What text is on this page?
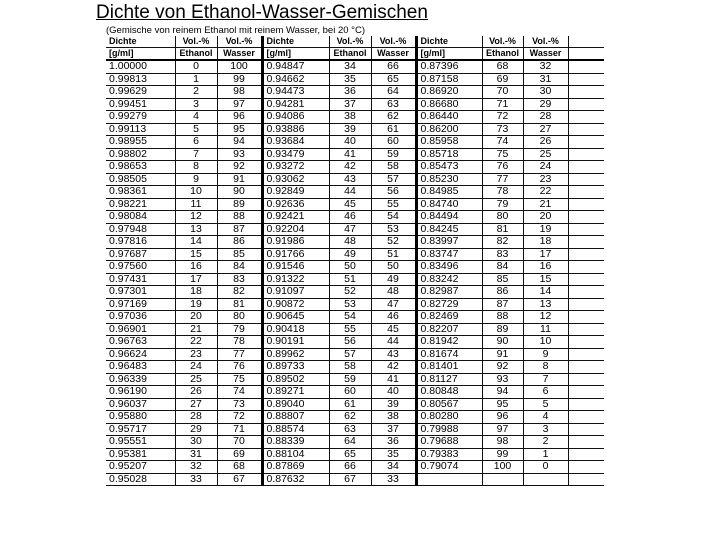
Dichte von Ethanol-Wasser-Gemischen
(Gemische von reinem Ethanol mit reinem Wasser, bei 20 °C)
Dichte	Vol.-%	Vol.-%	Dichte	Vol.-%	Vol.-%	Dichte	Vol.-%	Vol.-%	
[g/ml]	Ethanol	Wasser	[g/ml]	Ethanol	Wasser	[g/ml]	Ethanol	Wasser	
1.00000	0	100	0.94847	34	66	0.87396	68	32	
0.99813	1	99	0.94662	35	65	0.87158	69	31	
0.99629	2	98	0.94473	36	64	0.86920	70	30	
0.99451	3	97	0.94281	37	63	0.86680	71	29	
0.99279	4	96	0.94086	38	62	0.86440	72	28	
0.99113	5	95	0.93886	39	61	0.86200	73	27	
0.98955	6	94	0.93684	40	60	0.85958	74	26	
0.98802	7	93	0.93479	41	59	0.85718	75	25	
0.98653	8	92	0.93272	42	58	0.85473	76	24	
0.98505	9	91	0.93062	43	57	0.85230	77	23	
0.98361	10	90	0.92849	44	56	0.84985	78	22	
0.98221	11	89	0.92636	45	55	0.84740	79	21	
0.98084	12	88	0.92421	46	54	0.84494	80	20	
0.97948	13	87	0.92204	47	53	0.84245	81	19	
0.97816	14	86	0.91986	48	52	0.83997	82	18	
0.97687	15	85	0.91766	49	51	0.83747	83	17	
0.97560	16	84	0.91546	50	50	0.83496	84	16	
0.97431	17	83	0.91322	51	49	0.83242	85	15	
0.97301	18	82	0.91097	52	48	0.82987	86	14	
0.97169	19	81	0.90872	53	47	0.82729	87	13	
0.97036	20	80	0.90645	54	46	0.82469	88	12	
0.96901	21	79	0.90418	55	45	0.82207	89	11	
0.96763	22	78	0.90191	56	44	0.81942	90	10	
0.96624	23	77	0.89962	57	43	0.81674	91	9	
0.96483	24	76	0.89733	58	42	0.81401	92	8	
0.96339	25	75	0.89502	59	41	0.81127	93	7	
0.96190	26	74	0.89271	60	40	0.80848	94	6	
0.96037	27	73	0.89040	61	39	0.80567	95	5	
0.95880	28	72	0.88807	62	38	0.80280	96	4	
0.95717	29	71	0.88574	63	37	0.79988	97	3	
0.95551	30	70	0.88339	64	36	0.79688	98	2	
0.95381	31	69	0.88104	65	35	0.79383	99	1	
0.95207	32	68	0.87869	66	34	0.79074	100	0	
0.95028	33	67	0.87632	67	33				
